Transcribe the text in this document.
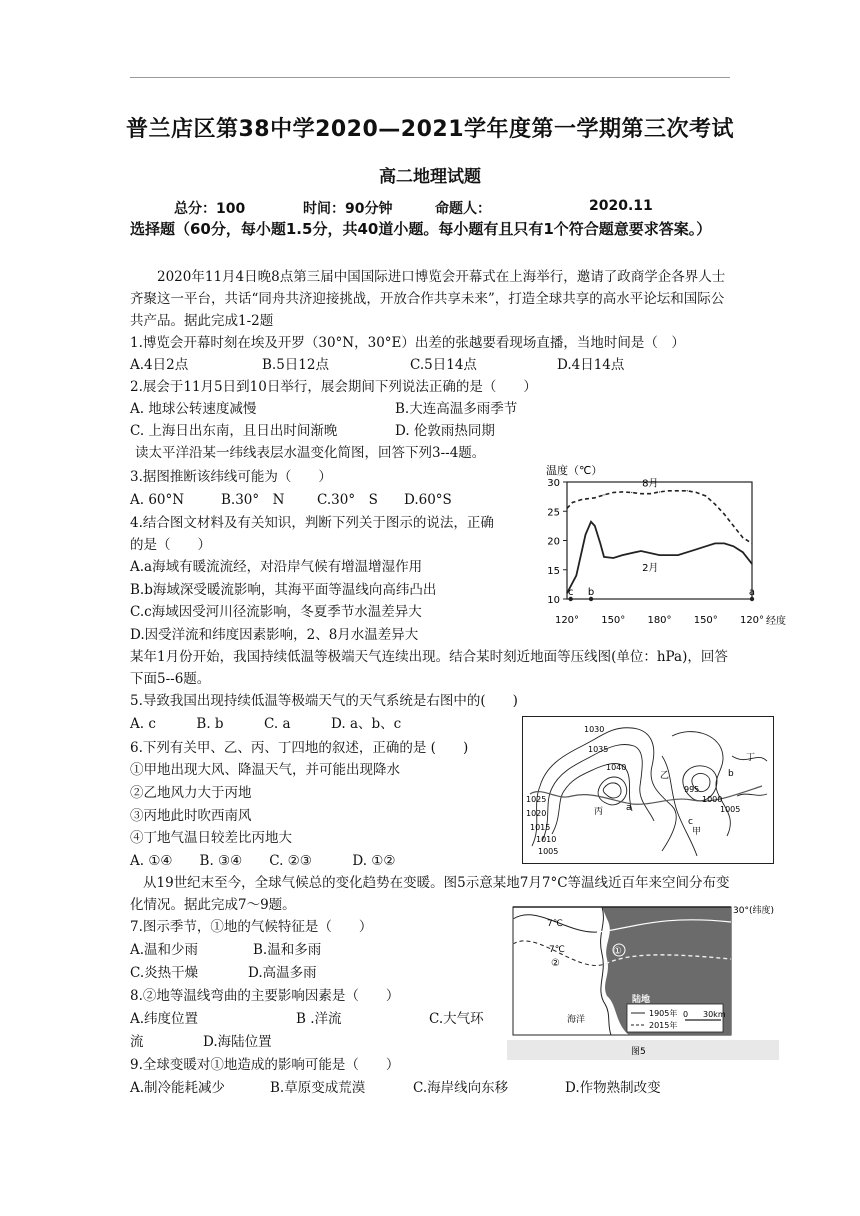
普兰店区第38中学2020—2021学年度第一学期第三次考试
高二地理试题
总分：100	时间：90分钟	命题人：	2020.11
选择题（60分，每小题1.5分，共40道小题。每小题有且只有1个符合题意要求答案。）
2020年11月4日晚8点第三届中国国际进口博览会开幕式在上海举行，邀请了政商学企各界人士齐聚这一平台，共话“同舟共济迎接挑战，开放合作共享未来”，打造全球共享的高水平论坛和国际公共产品。据此完成1-2题
1.博览会开幕时刻在埃及开罗（30°N，30°E）出差的张越要看现场直播，当地时间是（　）
A.4日2点	B.5日12点	C.5日14点	D.4日14点
2.展会于11月5日到10日举行，展会期间下列说法正确的是（　　）
A. 地球公转速度减慢	B.大连高温多雨季节
C. 上海日出东南，且日出时间渐晚	D. 伦敦雨热同期
读太平洋沿某一纬线表层水温变化简图，回答下列3--4题。
3.据图推断该纬线可能为（　　）
A. 60°N	B.30°　N C.30°　S D.60°S
4.结合图文材料及有关知识，判断下列关于图示的说法，正确
的是（　　）
A.a海域有暖流流经，对沿岸气候有增温增湿作用
B.b海域深受暖流影响，其海平面等温线向高纬凸出
C.c海域因受河川径流影响，冬夏季节水温差异大
D.因受洋流和纬度因素影响，2、8月水温差异大
温度（℃）
经度
10
15
20
25
30
120° 150° 180° 150° 120°
8月
2月
c b	a
某年1月份开始，我国持续低温等极端天气连续出现。结合某时刻近地面等压线图(单位：hPa)，回答下面5--6题。
5.导致我国出现持续低温等极端天气的天气系统是右图中的(　　)
A. c　　　B. b　　　C. a　　　D. a、b、c
6.下列有关甲、乙、丙、丁四地的叙述，正确的是 (　　)
①甲地出现大风、降温天气，并可能出现降水
②乙地风力大于丙地
③丙地此时吹西南风
④丁地气温日较差比丙地大
A. ①④　　B. ③④　　C. ②③　　　D. ①②
1030
1035
1040
1025
1020
1015
1010
1005
995
1000
1005
丙
乙
丁
甲
a
b
c
从19世纪末至今，全球气候总的变化趋势在变暖。图5示意某地7月7°C等温线近百年来空间分布变化情况。据此完成7～9题。
7.图示季节，①地的气候特征是（　　）
A.温和少雨	B.温和多雨
C.炎热干燥	D.高温多雨
8.②地等温线弯曲的主要影响因素是（　　）
A.纬度位置	B .洋流	C.大气环
流	D.海陆位置
9.全球变暖对①地造成的影响可能是（　　）
A.制冷能耗减少	B.草原变成荒漠	C.海岸线向东移	D.作物熟制改变
30°(纬度)
7℃
7℃	①
②
海洋
陆地
1905年
2015年
0 30km
图5
